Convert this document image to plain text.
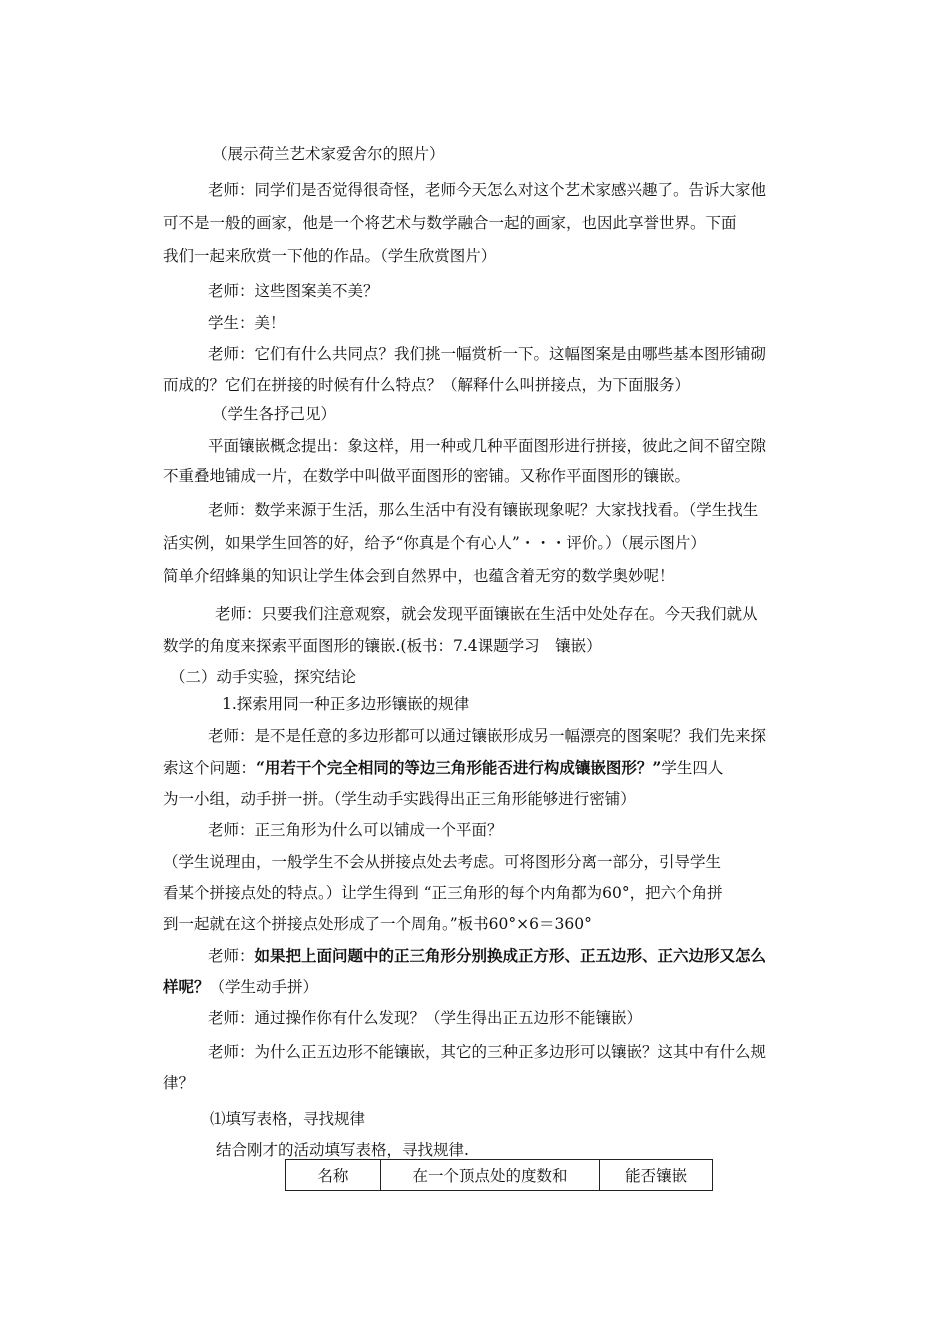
（展示荷兰艺术家爱舍尔的照片）
老师：同学们是否觉得很奇怪，老师今天怎么对这个艺术家感兴趣了。告诉大家他
可不是一般的画家，他是一个将艺术与数学融合一起的画家，也因此享誉世界。下面
我们一起来欣赏一下他的作品。（学生欣赏图片）
老师：这些图案美不美？
学生：美！
老师：它们有什么共同点？我们挑一幅赏析一下。这幅图案是由哪些基本图形铺砌
而成的？它们在拼接的时候有什么特点？（解释什么叫拼接点，为下面服务）
（学生各抒己见）
平面镶嵌概念提出：象这样，用一种或几种平面图形进行拼接，彼此之间不留空隙
不重叠地铺成一片，在数学中叫做平面图形的密铺。又称作平面图形的镶嵌。
老师：数学来源于生活，那么生活中有没有镶嵌现象呢？大家找找看。（学生找生
活实例，如果学生回答的好，给予“你真是个有心人”・・・评价。）（展示图片）
简单介绍蜂巢的知识让学生体会到自然界中，也蕴含着无穷的数学奥妙呢！
老师：只要我们注意观察，就会发现平面镶嵌在生活中处处存在。今天我们就从
数学的角度来探索平面图形的镶嵌.(板书：7.4课题学习　镶嵌）
（二）动手实验，探究结论
1.探索用同一种正多边形镶嵌的规律
老师：是不是任意的多边形都可以通过镶嵌形成另一幅漂亮的图案呢？我们先来探
索这个问题：“用若干个完全相同的等边三角形能否进行构成镶嵌图形？”学生四人
为一小组，动手拼一拼。（学生动手实践得出正三角形能够进行密铺）
老师：正三角形为什么可以铺成一个平面？
（学生说理由，一般学生不会从拼接点处去考虑。可将图形分离一部分，引导学生
看某个拼接点处的特点。）让学生得到 “正三角形的每个内角都为60°，把六个角拼
到一起就在这个拼接点处形成了一个周角。”板书60°×6＝360°
老师：如果把上面问题中的正三角形分别换成正方形、正五边形、正六边形又怎么
样呢？（学生动手拼）
老师：通过操作你有什么发现？（学生得出正五边形不能镶嵌）
老师：为什么正五边形不能镶嵌，其它的三种正多边形可以镶嵌？这其中有什么规
律？
⑴填写表格，寻找规律
结合刚才的活动填写表格，寻找规律.
名称	在一个顶点处的度数和	能否镶嵌
